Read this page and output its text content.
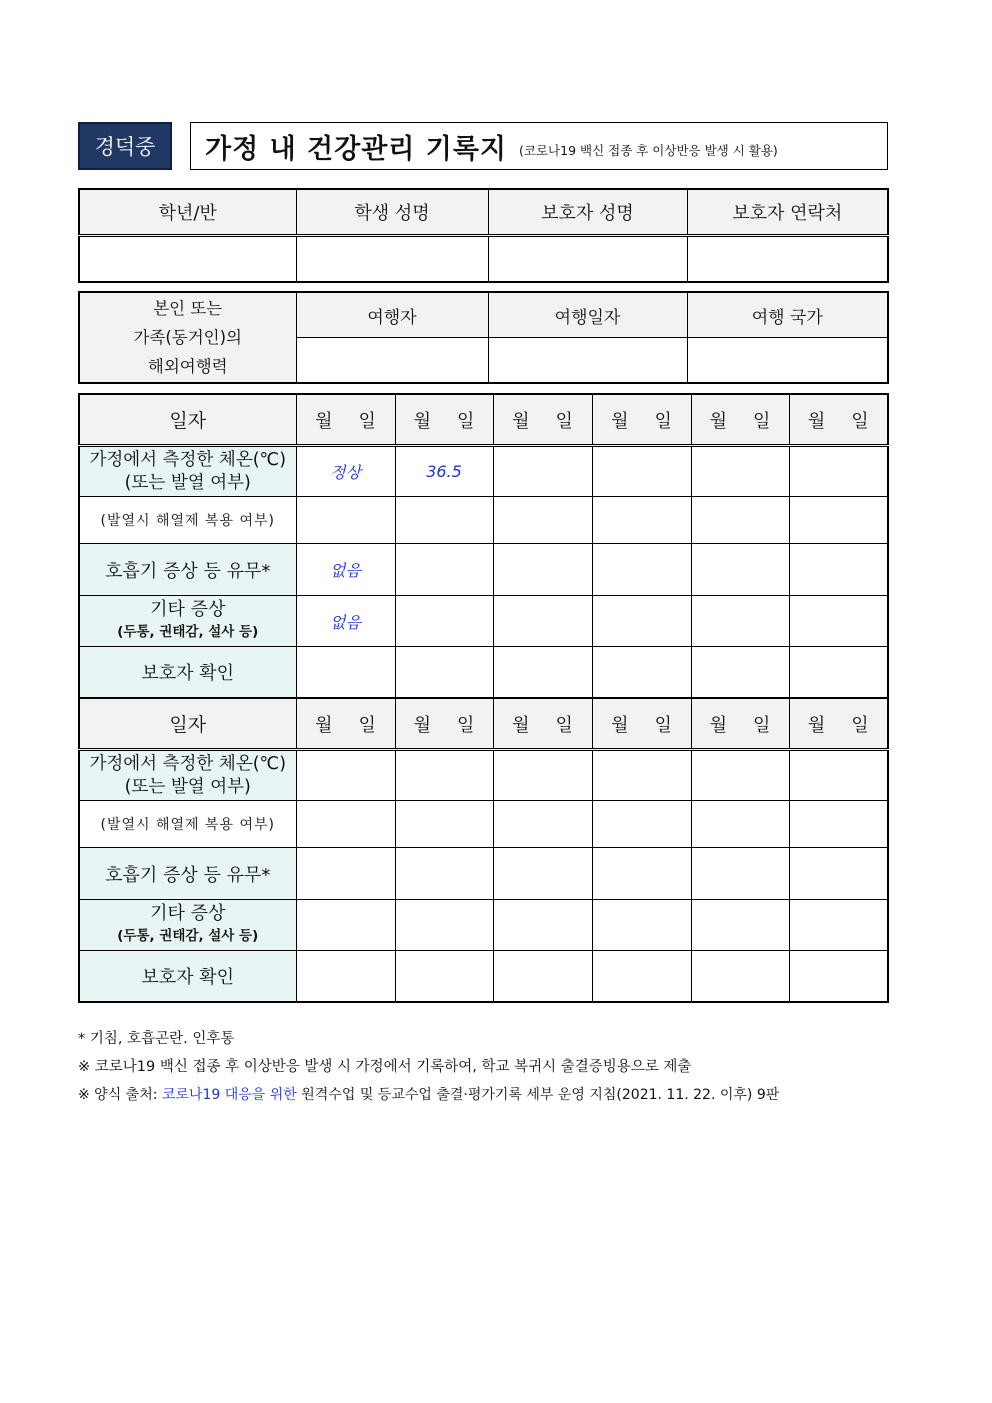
경덕중	가정 내 건강관리 기록지 (코로나19 백신 접종 후 이상반응 발생 시 활용)
학년/반	학생 성명	보호자 성명	보호자 연락처

본인 또는
가족(동거인)의
해외여행력	여행자	여행일자	여행 국가

일자	월 일	월 일	월 일	월 일	월 일	월 일

가정에서 측정한 체온(℃)
(또는 발열 여부)	정상	36.5				
(발열시 해열제 복용 여부)						
호흡기 증상 등 유무*	없음					

기타 증상
(두통, 권태감, 설사 등)	없음					
보호자 확인						
일자	월 일	월 일	월 일	월 일	월 일	월 일

가정에서 측정한 체온(℃)
(또는 발열 여부)						

(발열시 해열제 복용 여부)						
호흡기 증상 등 유무*						

기타 증상
(두통, 권태감, 설사 등)						

보호자 확인						
* 기침, 호흡곤란. 인후통
※ 코로나19 백신 접종 후 이상반응 발생 시 가정에서 기록하여, 학교 복귀시 출결증빙용으로 제출
※ 양식 출처: 코로나19 대응을 위한 원격수업 및 등교수업 출결·평가기록 세부 운영 지침(2021. 11. 22. 이후) 9판
